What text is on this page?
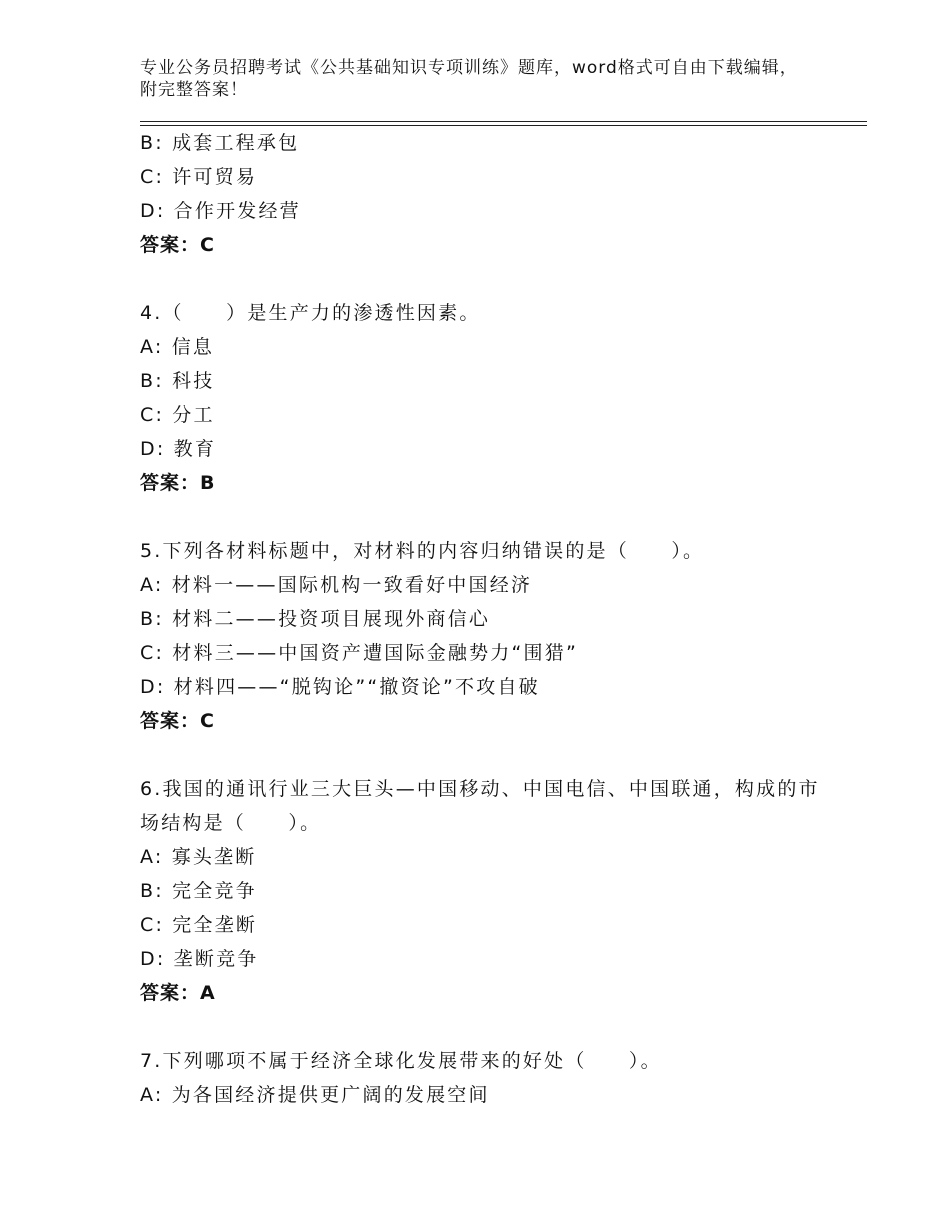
专业公务员招聘考试《公共基础知识专项训练》题库，word格式可自由下载编辑，附完整答案！
B: 成套工程承包
C: 许可贸易
D: 合作开发经营
答案：C
4.（　　）是生产力的渗透性因素。
A: 信息
B: 科技
C: 分工
D: 教育
答案：B
5.下列各材料标题中，对材料的内容归纳错误的是（　　）。
A: 材料一——国际机构一致看好中国经济
B: 材料二——投资项目展现外商信心
C: 材料三——中国资产遭国际金融势力“围猎”
D: 材料四——“脱钩论”“撤资论”不攻自破
答案：C
6.我国的通讯行业三大巨头—中国移动、中国电信、中国联通，构成的市场结构是（　　）。
A: 寡头垄断
B: 完全竞争
C: 完全垄断
D: 垄断竞争
答案：A
7.下列哪项不属于经济全球化发展带来的好处（　　）。
A: 为各国经济提供更广阔的发展空间
